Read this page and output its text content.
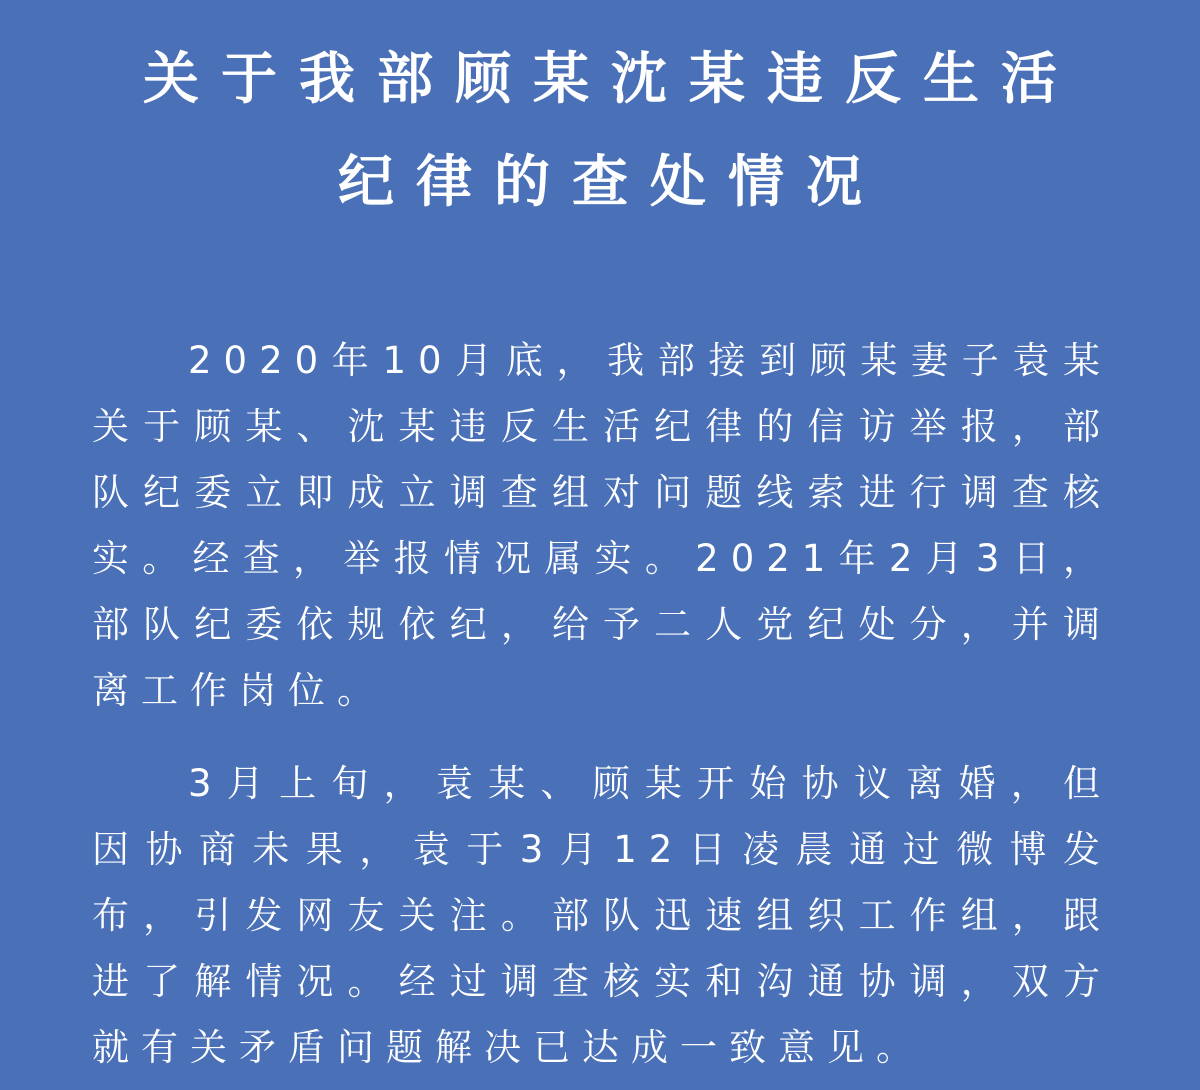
关于我部顾某沈某违反生活
纪律的查处情况
2020年10月底，我部接到顾某妻子袁某
关于顾某、沈某违反生活纪律的信访举报，部
队纪委立即成立调查组对问题线索进行调查核
实。经查，举报情况属实。2021年2月3日，
部队纪委依规依纪，给予二人党纪处分，并调
离工作岗位。
3月上旬，袁某、顾某开始协议离婚，但
因协商未果，袁于3月12日凌晨通过微博发
布，引发网友关注。部队迅速组织工作组，跟
进了解情况。经过调查核实和沟通协调，双方
就有关矛盾问题解决已达成一致意见。
